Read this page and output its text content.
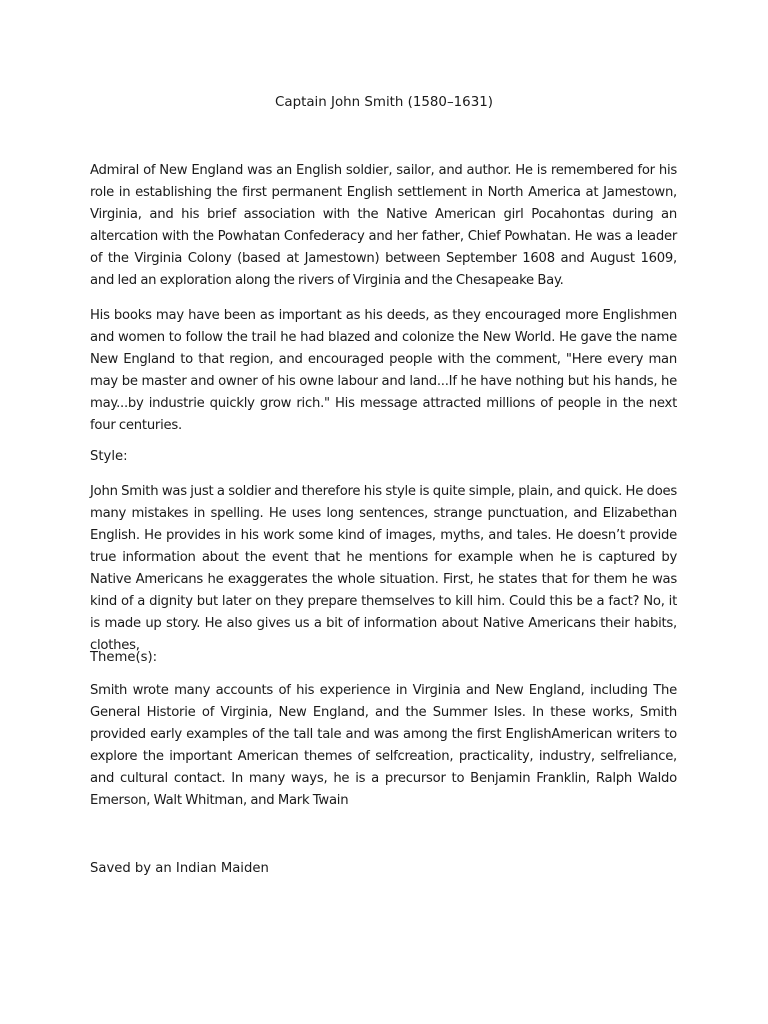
Captain John Smith (1580–1631)

Admiral of New England was an English soldier, sailor, and author. He is remembered for his role in establishing the first permanent English settlement in North America at Jamestown, Virginia, and his brief association with the Native American girl Pocahontas during an altercation with the Powhatan Confederacy and her father, Chief Powhatan. He was a leader of the Virginia Colony (based at Jamestown) between September 1608 and August 1609, and led an exploration along the rivers of Virginia and the Chesapeake Bay.

His books may have been as important as his deeds, as they encouraged more Englishmen and women to follow the trail he had blazed and colonize the New World. He gave the name New England to that region, and encouraged people with the comment, "Here every man may be master and owner of his owne labour and land...If he have nothing but his hands, he may...by industrie quickly grow rich." His message attracted millions of people in the next four centuries.

Style:

John Smith was just a soldier and therefore his style is quite simple, plain, and quick. He does many mistakes in spelling. He uses long sentences, strange punctuation, and Elizabethan English. He provides in his work some kind of images, myths, and tales. He doesn’t provide true information about the event that he mentions for example when he is captured by Native Americans he exaggerates the whole situation. First, he states that for them he was kind of a dignity but later on they prepare themselves to kill him. Could this be a fact? No, it is made up story. He also gives us a bit of information about Native Americans their habits, clothes,

Theme(s):

Smith wrote many accounts of his experience in Virginia and New England, including The General Historie of Virginia, New England, and the Summer Isles. In these works, Smith provided early examples of the tall tale and was among the first EnglishAmerican writers to explore the important American themes of selfcreation, practicality, industry, selfreliance, and cultural contact. In many ways, he is a precursor to Benjamin Franklin, Ralph Waldo Emerson, Walt Whitman, and Mark Twain

Saved by an Indian Maiden
